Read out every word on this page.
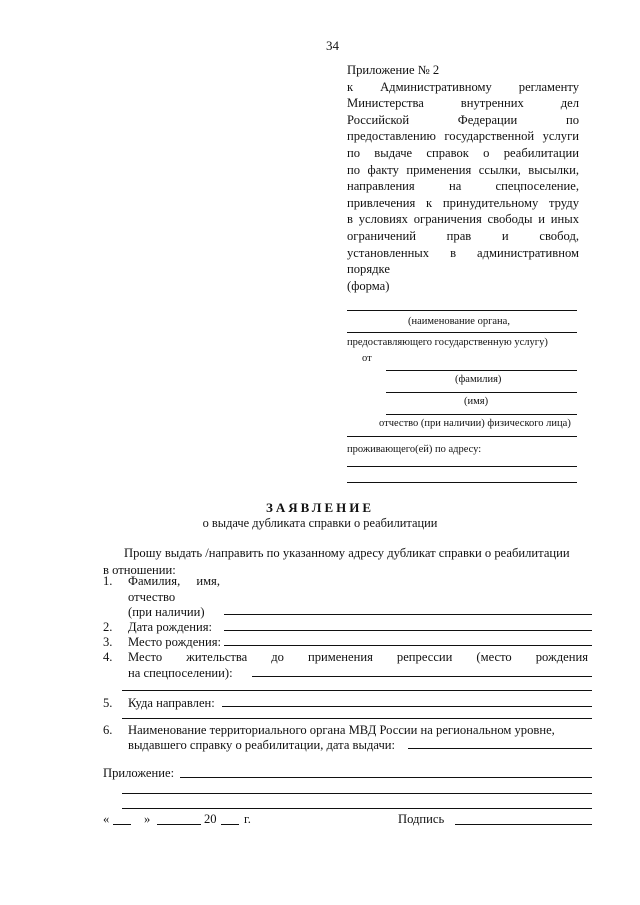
34
Приложение № 2
к Административному регламенту
Министерства внутренних дел
Российской Федерации по
предоставлению государственной услуги
по выдаче справок о реабилитации
по факту применения ссылки, высылки,
направления на спецпоселение,
привлечения к принудительному труду
в условиях ограничения свободы и иных
ограничений прав и свобод,
установленных в административном
порядке
(форма)
(наименование органа,
предоставляющего государственную услугу)
от
(фамилия)
(имя)
отчество (при наличии) физического лица)
проживающего(ей) по адресу:
ЗАЯВЛЕНИЕ
о выдаче дубликата справки о реабилитации
Прошу выдать /направить по указанному адресу дубликат справки о реабилитации
в отношении:
1. Фамилия, имя,
отчество
(при наличии)
2. Дата рождения:
3. Место рождения:
4. Место жительства до применения репрессии (место рождения
на спецпоселении):
5. Куда направлен:
6. Наименование территориального органа МВД России на региональном уровне,
выдавшего справку о реабилитации, дата выдачи:
Приложение:
«	»	20 г.	Подпись
